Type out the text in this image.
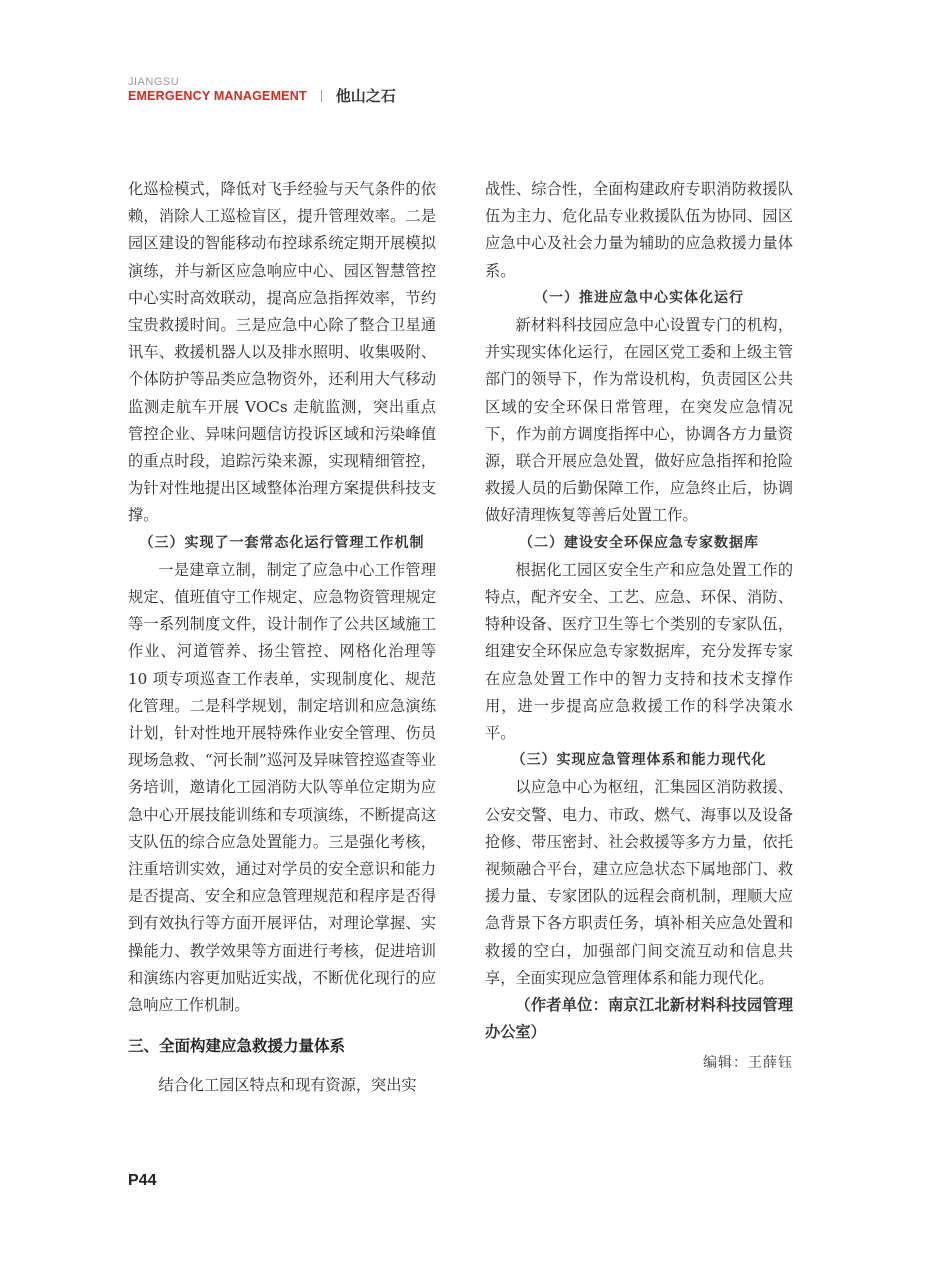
JIANGSU
EMERGENCY MANAGEMENT 他山之石

化巡检模式，降低对飞手经验与天气条件的依赖，消除人工巡检盲区，提升管理效率。二是园区建设的智能移动布控球系统定期开展模拟演练，并与新区应急响应中心、园区智慧管控中心实时高效联动，提高应急指挥效率，节约宝贵救援时间。三是应急中心除了整合卫星通讯车、救援机器人以及排水照明、收集吸附、个体防护等品类应急物资外，还利用大气移动监测走航车开展 VOCs 走航监测，突出重点管控企业、异味问题信访投诉区域和污染峰值的重点时段，追踪污染来源，实现精细管控，为针对性地提出区域整体治理方案提供科技支撑。

（三）实现了一套常态化运行管理工作机制

一是建章立制，制定了应急中心工作管理规定、值班值守工作规定、应急物资管理规定等一系列制度文件，设计制作了公共区域施工作业、河道管养、扬尘管控、网格化治理等 10 项专项巡查工作表单，实现制度化、规范化管理。二是科学规划，制定培训和应急演练计划，针对性地开展特殊作业安全管理、伤员现场急救、“河长制”巡河及异味管控巡查等业务培训，邀请化工园消防大队等单位定期为应急中心开展技能训练和专项演练，不断提高这支队伍的综合应急处置能力。三是强化考核，注重培训实效，通过对学员的安全意识和能力是否提高、安全和应急管理规范和程序是否得到有效执行等方面开展评估，对理论掌握、实操能力、教学效果等方面进行考核，促进培训和演练内容更加贴近实战，不断优化现行的应急响应工作机制。

三、全面构建应急救援力量体系

结合化工园区特点和现有资源，突出实

战性、综合性，全面构建政府专职消防救援队伍为主力、危化品专业救援队伍为协同、园区应急中心及社会力量为辅助的应急救援力量体系。

（一）推进应急中心实体化运行

新材料科技园应急中心设置专门的机构，并实现实体化运行，在园区党工委和上级主管部门的领导下，作为常设机构，负责园区公共区域的安全环保日常管理，在突发应急情况下，作为前方调度指挥中心，协调各方力量资源，联合开展应急处置，做好应急指挥和抢险救援人员的后勤保障工作，应急终止后，协调做好清理恢复等善后处置工作。

（二）建设安全环保应急专家数据库

根据化工园区安全生产和应急处置工作的特点，配齐安全、工艺、应急、环保、消防、特种设备、医疗卫生等七个类别的专家队伍，组建安全环保应急专家数据库，充分发挥专家在应急处置工作中的智力支持和技术支撑作用，进一步提高应急救援工作的科学决策水平。

（三）实现应急管理体系和能力现代化

以应急中心为枢纽，汇集园区消防救援、公安交警、电力、市政、燃气、海事以及设备抢修、带压密封、社会救援等多方力量，依托视频融合平台，建立应急状态下属地部门、救援力量、专家团队的远程会商机制，理顺大应急背景下各方职责任务，填补相关应急处置和救援的空白，加强部门间交流互动和信息共享，全面实现应急管理体系和能力现代化。

（作者单位：南京江北新材料科技园管理办公室）

编辑：王薛钰
P44
